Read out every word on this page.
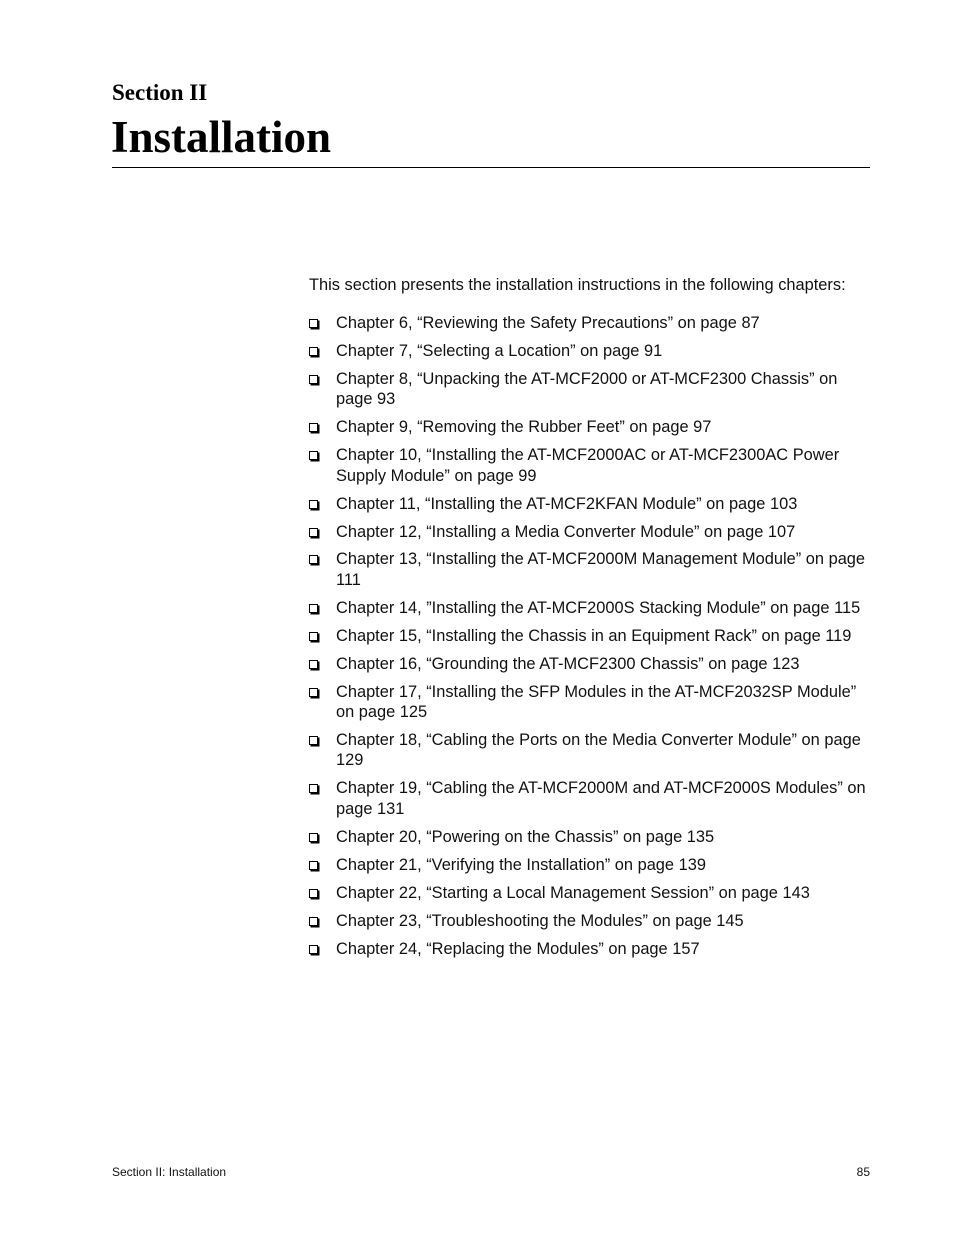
Section II
Installation

This section presents the installation instructions in the following chapters:

Chapter 6, “Reviewing the Safety Precautions” on page 87
Chapter 7, “Selecting a Location” on page 91
Chapter 8, “Unpacking the AT-MCF2000 or AT-MCF2300 Chassis” on page 93
Chapter 9, “Removing the Rubber Feet” on page 97
Chapter 10, “Installing the AT-MCF2000AC or AT-MCF2300AC Power Supply Module” on page 99
Chapter 11, “Installing the AT-MCF2KFAN Module” on page 103
Chapter 12, “Installing a Media Converter Module” on page 107
Chapter 13, “Installing the AT-MCF2000M Management Module” on page 111
Chapter 14, ”Installing the AT-MCF2000S Stacking Module” on page 115
Chapter 15, “Installing the Chassis in an Equipment Rack” on page 119
Chapter 16, “Grounding the AT-MCF2300 Chassis” on page 123
Chapter 17, “Installing the SFP Modules in the AT-MCF2032SP Module” on page 125
Chapter 18, “Cabling the Ports on the Media Converter Module” on page 129
Chapter 19, “Cabling the AT-MCF2000M and AT-MCF2000S Modules” on page 131
Chapter 20, “Powering on the Chassis” on page 135
Chapter 21, “Verifying the Installation” on page 139
Chapter 22, “Starting a Local Management Session” on page 143
Chapter 23, “Troubleshooting the Modules” on page 145
Chapter 24, “Replacing the Modules” on page 157
Section II: Installation	85
